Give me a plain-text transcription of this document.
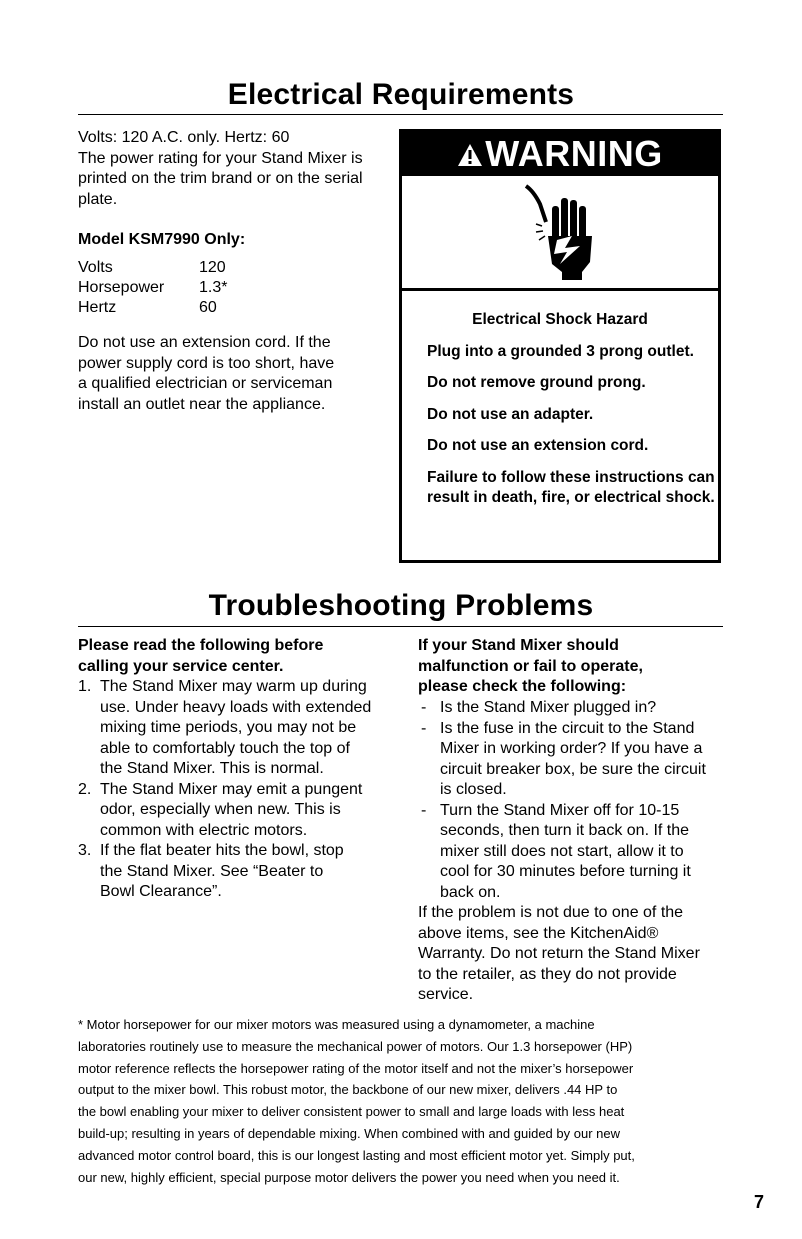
Electrical Requirements
Volts: 120 A.C. only. Hertz: 60
The power rating for your Stand Mixer is
printed on the trim brand or on the serial
plate.
Model KSM7990 Only:
Volts	120
Horsepower 1.3*
Hertz	60
Do not use an extension cord. If the
power supply cord is too short, have
a qualified electrician or serviceman
install an outlet near the appliance.
WARNING
Electrical Shock Hazard
Plug into a grounded 3 prong outlet.
Do not remove ground prong.
Do not use an adapter.
Do not use an extension cord.
Failure to follow these instructions can result in death, fire, or electrical shock.
Troubleshooting Problems
Please read the following before
calling your service center.
1. The Stand Mixer may warm up during
use. Under heavy loads with extended
mixing time periods, you may not be
able to comfortably touch the top of
the Stand Mixer. This is normal.
2. The Stand Mixer may emit a pungent
odor, especially when new. This is
common with electric motors.
3. If the flat beater hits the bowl, stop
the Stand Mixer. See “Beater to
Bowl Clearance”.
If your Stand Mixer should
malfunction or fail to operate,
please check the following:
- Is the Stand Mixer plugged in?
- Is the fuse in the circuit to the Stand
Mixer in working order? If you have a
circuit breaker box, be sure the circuit
is closed.
- Turn the Stand Mixer off for 10-15
seconds, then turn it back on. If the
mixer still does not start, allow it to
cool for 30 minutes before turning it
back on.
If the problem is not due to one of the
above items, see the KitchenAid®
Warranty. Do not return the Stand Mixer
to the retailer, as they do not provide
service.
* Motor horsepower for our mixer motors was measured using a dynamometer, a machine
laboratories routinely use to measure the mechanical power of motors. Our 1.3 horsepower (HP)
motor reference reflects the horsepower rating of the motor itself and not the mixer’s horsepower
output to the mixer bowl. This robust motor, the backbone of our new mixer, delivers .44 HP to
the bowl enabling your mixer to deliver consistent power to small and large loads with less heat
build-up; resulting in years of dependable mixing. When combined with and guided by our new
advanced motor control board, this is our longest lasting and most efficient motor yet. Simply put,
our new, highly efficient, special purpose motor delivers the power you need when you need it.
7
